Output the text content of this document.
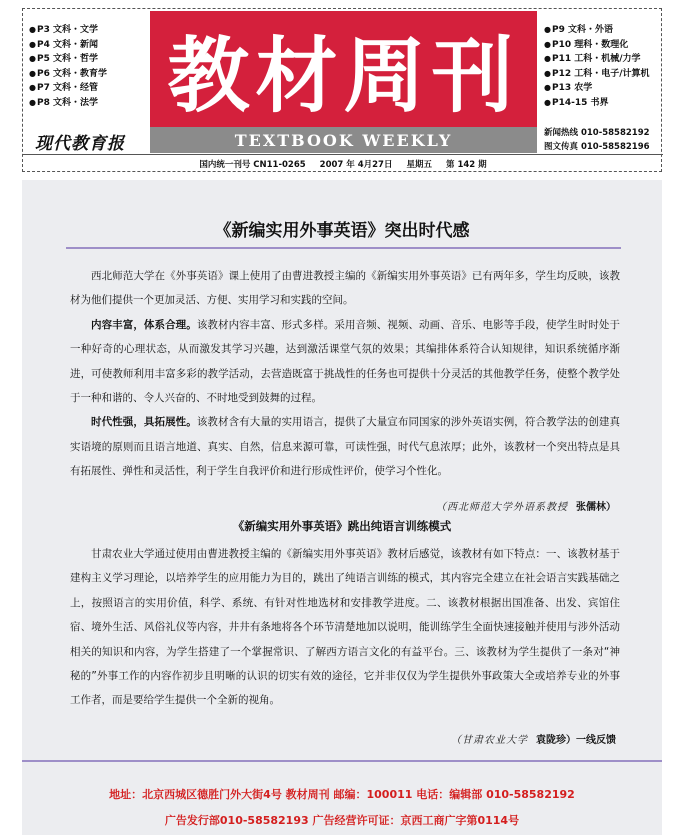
● P3 文科・文学
● P4 文科・新闻
● P5 文科・哲学
● P6 文科・教育学
● P7 文科・经管
● P8 文科・法学
现代教育报
教材周刊
TEXTBOOK WEEKLY
● P9 文科・外语
● P10 理科・数理化
● P11 工科・机械/力学
● P12 工科・电子/计算机
● P13 农学
● P14-15 书界
新闻热线 010-58582192
图文传真 010-58582196
国内统一刊号 CN11-0265 2007 年 4月27日 星期五 第 142 期
《新编实用外事英语》突出时代感

西北师范大学在《外事英语》课上使用了由曹进教授主编的《新编实用外事英语》已有两年多，学生均反映，该教材为他们提供一个更加灵活、方便、实用学习和实践的空间。

内容丰富，体系合理。该教材内容丰富、形式多样。采用音频、视频、动画、音乐、电影等手段，使学生时时处于一种好奇的心理状态，从而激发其学习兴趣，达到激活课堂气氛的效果；其编排体系符合认知规律，知识系统循序渐进，可使教师利用丰富多彩的教学活动，去营造既富于挑战性的任务也可提供十分灵活的其他教学任务，使整个教学处于一种和谐的、令人兴奋的、不时地受到鼓舞的过程。

时代性强，具拓展性。该教材含有大量的实用语言，提供了大量宣布同国家的涉外英语实例，符合教学法的创建真实语境的原则而且语言地道、真实、自然，信息来源可靠，可读性强，时代气息浓厚；此外，该教材一个突出特点是具有拓展性、弹性和灵活性，利于学生自我评价和进行形成性评价，使学习个性化。

（西北师范大学外语系教授 张儒林）
《新编实用外事英语》跳出纯语言训练模式

甘肃农业大学通过使用由曹进教授主编的《新编实用外事英语》教材后感觉，该教材有如下特点：一、该教材基于建构主义学习理论，以培养学生的应用能力为目的，跳出了纯语言训练的模式，其内容完全建立在社会语言实践基础之上，按照语言的实用价值，科学、系统、有针对性地选材和安排教学进度。二、该教材根据出国准备、出发、宾馆住宿、境外生活、风俗礼仪等内容，井井有条地将各个环节清楚地加以说明，能训练学生全面快速接触并使用与涉外活动相关的知识和内容，为学生搭建了一个掌握常识、了解西方语言文化的有益平台。三、该教材为学生提供了一条对“神秘的”外事工作的内容作初步且明晰的认识的切实有效的途径，它并非仅仅为学生提供外事政策大全或培养专业的外事工作者，而是要给学生提供一个全新的视角。

（甘肃农业大学 袁陇珍）一线反馈
地址：北京西城区德胜门外大街4号 教材周刊 邮编：100011 电话：编辑部 010-58582192
广告发行部010-58582193 广告经营许可证：京西工商广字第0114号
